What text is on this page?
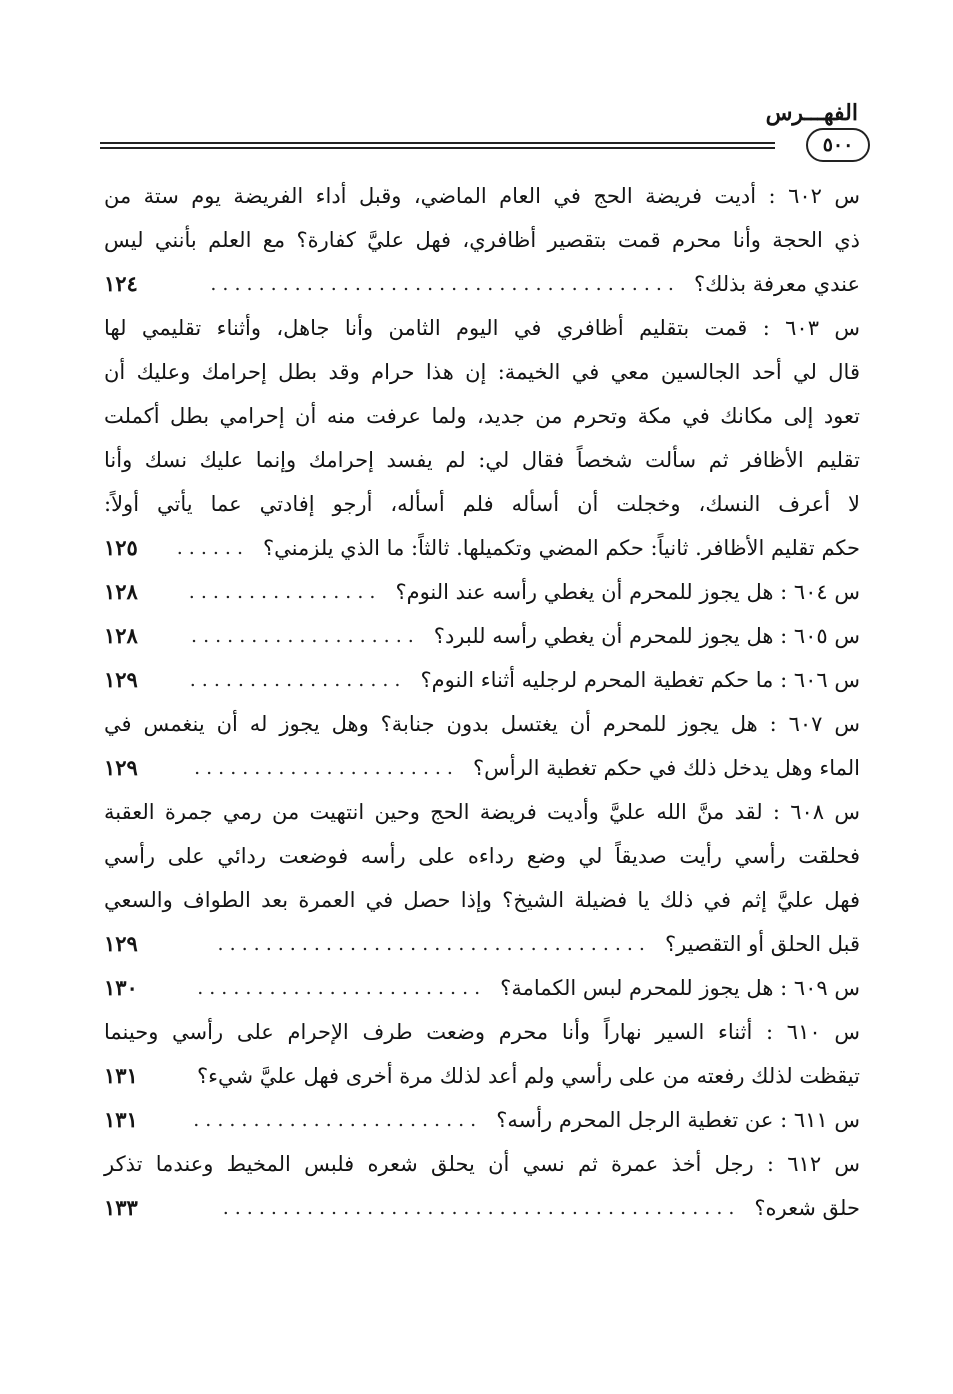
الفهـــرس
٥٠٠
س ٦٠٢ : أديت فريضة الحج في العام الماضي، وقبل أداء الفريضة يوم ستة من
ذي الحجة وأنا محرم قمت بتقصير أظافري، فهل عليَّ كفارة؟ مع العلم بأنني ليس
عندي معرفة بذلك؟
١٢٤	.......................................
س ٦٠٣ : قمت بتقليم أظافري في اليوم الثامن وأنا جاهل، وأثناء تقليمي لها
قال لي أحد الجالسين معي في الخيمة: إن هذا حرام وقد بطل إحرامك وعليك أن
تعود إلى مكانك في مكة وتحرم من جديد، ولما عرفت منه أن إحرامي بطل أكملت
تقليم الأظافر ثم سألت شخصاً فقال لي: لم يفسد إحرامك وإنما عليك نسك وأنا
لا أعرف النسك، وخجلت أن أسأله فلم أسأله، أرجو إفادتي عما يأتي أولاً:
حكم تقليم الأظافر. ثانياً: حكم المضي وتكميلها. ثالثاً: ما الذي يلزمني؟
١٢٥	......
س ٦٠٤ : هل يجوز للمحرم أن يغطي رأسه عند النوم؟
١٢٨	................
س ٦٠٥ : هل يجوز للمحرم أن يغطي رأسه للبرد؟
١٢٨	...................
س ٦٠٦ : ما حكم تغطية المحرم لرجليه أثناء النوم؟
١٢٩	..................
س ٦٠٧ : هل يجوز للمحرم أن يغتسل بدون جنابة؟ وهل يجوز له أن ينغمس في
الماء وهل يدخل ذلك في حكم تغطية الرأس؟
١٢٩	......................
س ٦٠٨ : لقد منَّ الله عليَّ وأديت فريضة الحج وحين انتهيت من رمي جمرة العقبة
فحلقت رأسي رأيت صديقاً لي وضع رداءه على رأسه فوضعت ردائي على رأسي
فهل عليَّ إثم في ذلك يا فضيلة الشيخ؟ وإذا حصل في العمرة بعد الطواف والسعي
قبل الحلق أو التقصير؟
١٢٩	....................................
س ٦٠٩ : هل يجوز للمحرم لبس الكمامة؟
١٣٠	........................
س ٦١٠ : أثناء السير نهاراً وأنا محرم وضعت طرف الإحرام على رأسي وحينما
تيقظت لذلك رفعته من على رأسي ولم أعد لذلك مرة أخرى فهل عليَّ شيء؟
١٣١
س ٦١١ : عن تغطية الرجل المحرم رأسه؟
١٣١	........................
س ٦١٢ : رجل أخذ عمرة ثم نسي أن يحلق شعره فلبس المخيط وعندما تذكر
حلق شعره؟
١٣٣	...........................................
